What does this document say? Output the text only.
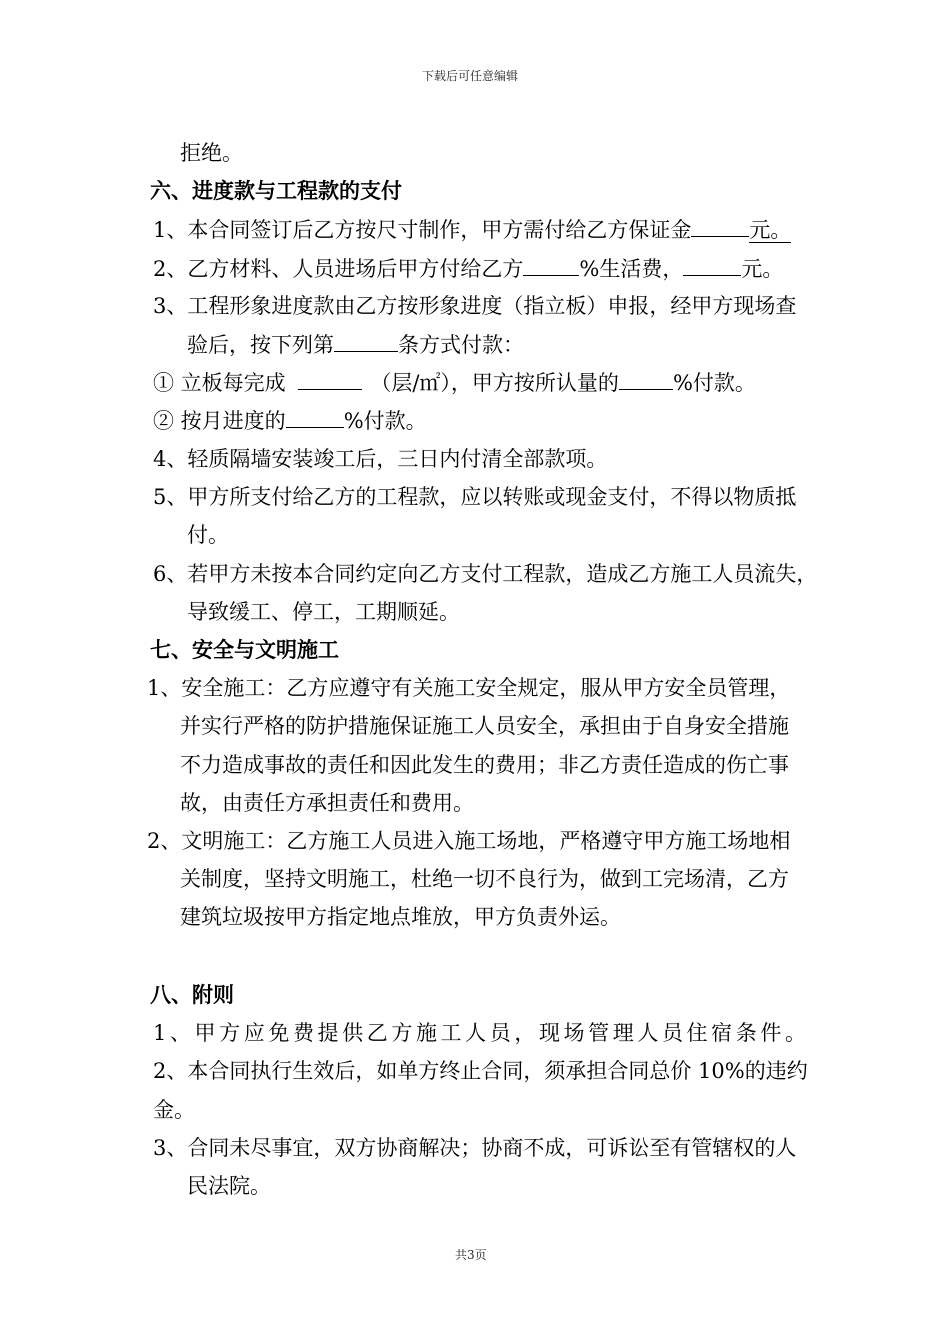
下载后可任意编辑
拒绝。
六、进度款与工程款的支付
1、本合同签订后乙方按尺寸制作，甲方需付给乙方保证金	元。
2、乙方材料、人员进场后甲方付给乙方	%生活费，	元。
3、工程形象进度款由乙方按形象进度（指立板）申报，经甲方现场查
验后，按下列第	条方式付款：
① 立板每完成	（层/㎡），甲方按所认量的	%付款。
② 按月进度的	%付款。
4、轻质隔墙安装竣工后，三日内付清全部款项。
5、甲方所支付给乙方的工程款，应以转账或现金支付，不得以物质抵
付。
6、若甲方未按本合同约定向乙方支付工程款，造成乙方施工人员流失，
导致缓工、停工，工期顺延。
七、安全与文明施工
1、安全施工：乙方应遵守有关施工安全规定，服从甲方安全员管理，
并实行严格的防护措施保证施工人员安全，承担由于自身安全措施
不力造成事故的责任和因此发生的费用；非乙方责任造成的伤亡事
故，由责任方承担责任和费用。
2、文明施工：乙方施工人员进入施工场地，严格遵守甲方施工场地相
关制度，坚持文明施工，杜绝一切不良行为，做到工完场清，乙方
建筑垃圾按甲方指定地点堆放，甲方负责外运。
八、附则
1、甲方应免费提供乙方施工人员，现场管理人员住宿条件。
2、本合同执行生效后，如单方终止合同，须承担合同总价 10%的违约
金。
3、合同未尽事宜，双方协商解决；协商不成，可诉讼至有管辖权的人
民法院。
共3页
